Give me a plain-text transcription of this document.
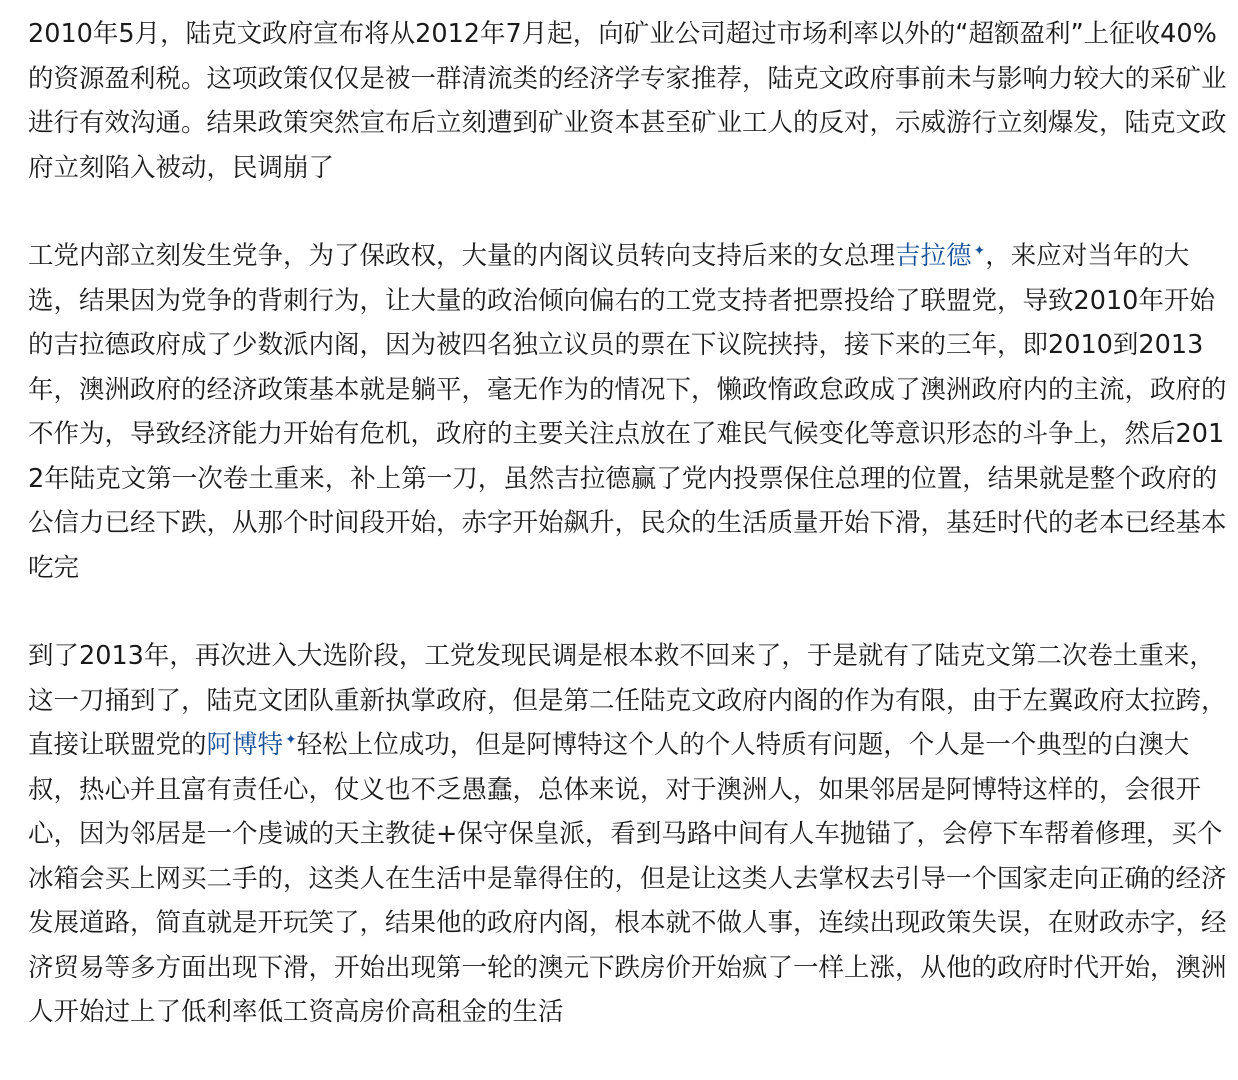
2010年5月，陆克文政府宣布将从2012年7月起，向矿业公司超过市场利率以外的“超额盈利”上征收40%的资源盈利税。这项政策仅仅是被一群清流类的经济学专家推荐，陆克文政府事前未与影响力较大的采矿业进行有效沟通。结果政策突然宣布后立刻遭到矿业资本甚至矿业工人的反对，示威游行立刻爆发，陆克文政府立刻陷入被动，民调崩了

工党内部立刻发生党争，为了保政权，大量的内阁议员转向支持后来的女总理吉拉德 ✦，来应对当年的大选，结果因为党争的背刺行为，让大量的政治倾向偏右的工党支持者把票投给了联盟党，导致2010年开始的吉拉德政府成了少数派内阁，因为被四名独立议员的票在下议院挟持，接下来的三年，即2010到2013年，澳洲政府的经济政策基本就是躺平，毫无作为的情况下，懒政惰政怠政成了澳洲政府内的主流，政府的不作为，导致经济能力开始有危机，政府的主要关注点放在了难民气候变化等意识形态的斗争上，然后2012年陆克文第一次卷土重来，补上第一刀，虽然吉拉德赢了党内投票保住总理的位置，结果就是整个政府的公信力已经下跌，从那个时间段开始，赤字开始飙升，民众的生活质量开始下滑，基廷时代的老本已经基本吃完

到了2013年，再次进入大选阶段，工党发现民调是根本救不回来了，于是就有了陆克文第二次卷土重来，这一刀捅到了，陆克文团队重新执掌政府，但是第二任陆克文政府内阁的作为有限，由于左翼政府太拉跨，直接让联盟党的阿博特 ✦轻松上位成功，但是阿博特这个人的个人特质有问题，个人是一个典型的白澳大叔，热心并且富有责任心，仗义也不乏愚蠢，总体来说，对于澳洲人，如果邻居是阿博特这样的，会很开心，因为邻居是一个虔诚的天主教徒+保守保皇派，看到马路中间有人车抛锚了，会停下车帮着修理，买个冰箱会买上网买二手的，这类人在生活中是靠得住的，但是让这类人去掌权去引导一个国家走向正确的经济发展道路，简直就是开玩笑了，结果他的政府内阁，根本就不做人事，连续出现政策失误，在财政赤字，经济贸易等多方面出现下滑，开始出现第一轮的澳元下跌房价开始疯了一样上涨，从他的政府时代开始，澳洲人开始过上了低利率低工资高房价高租金的生活
